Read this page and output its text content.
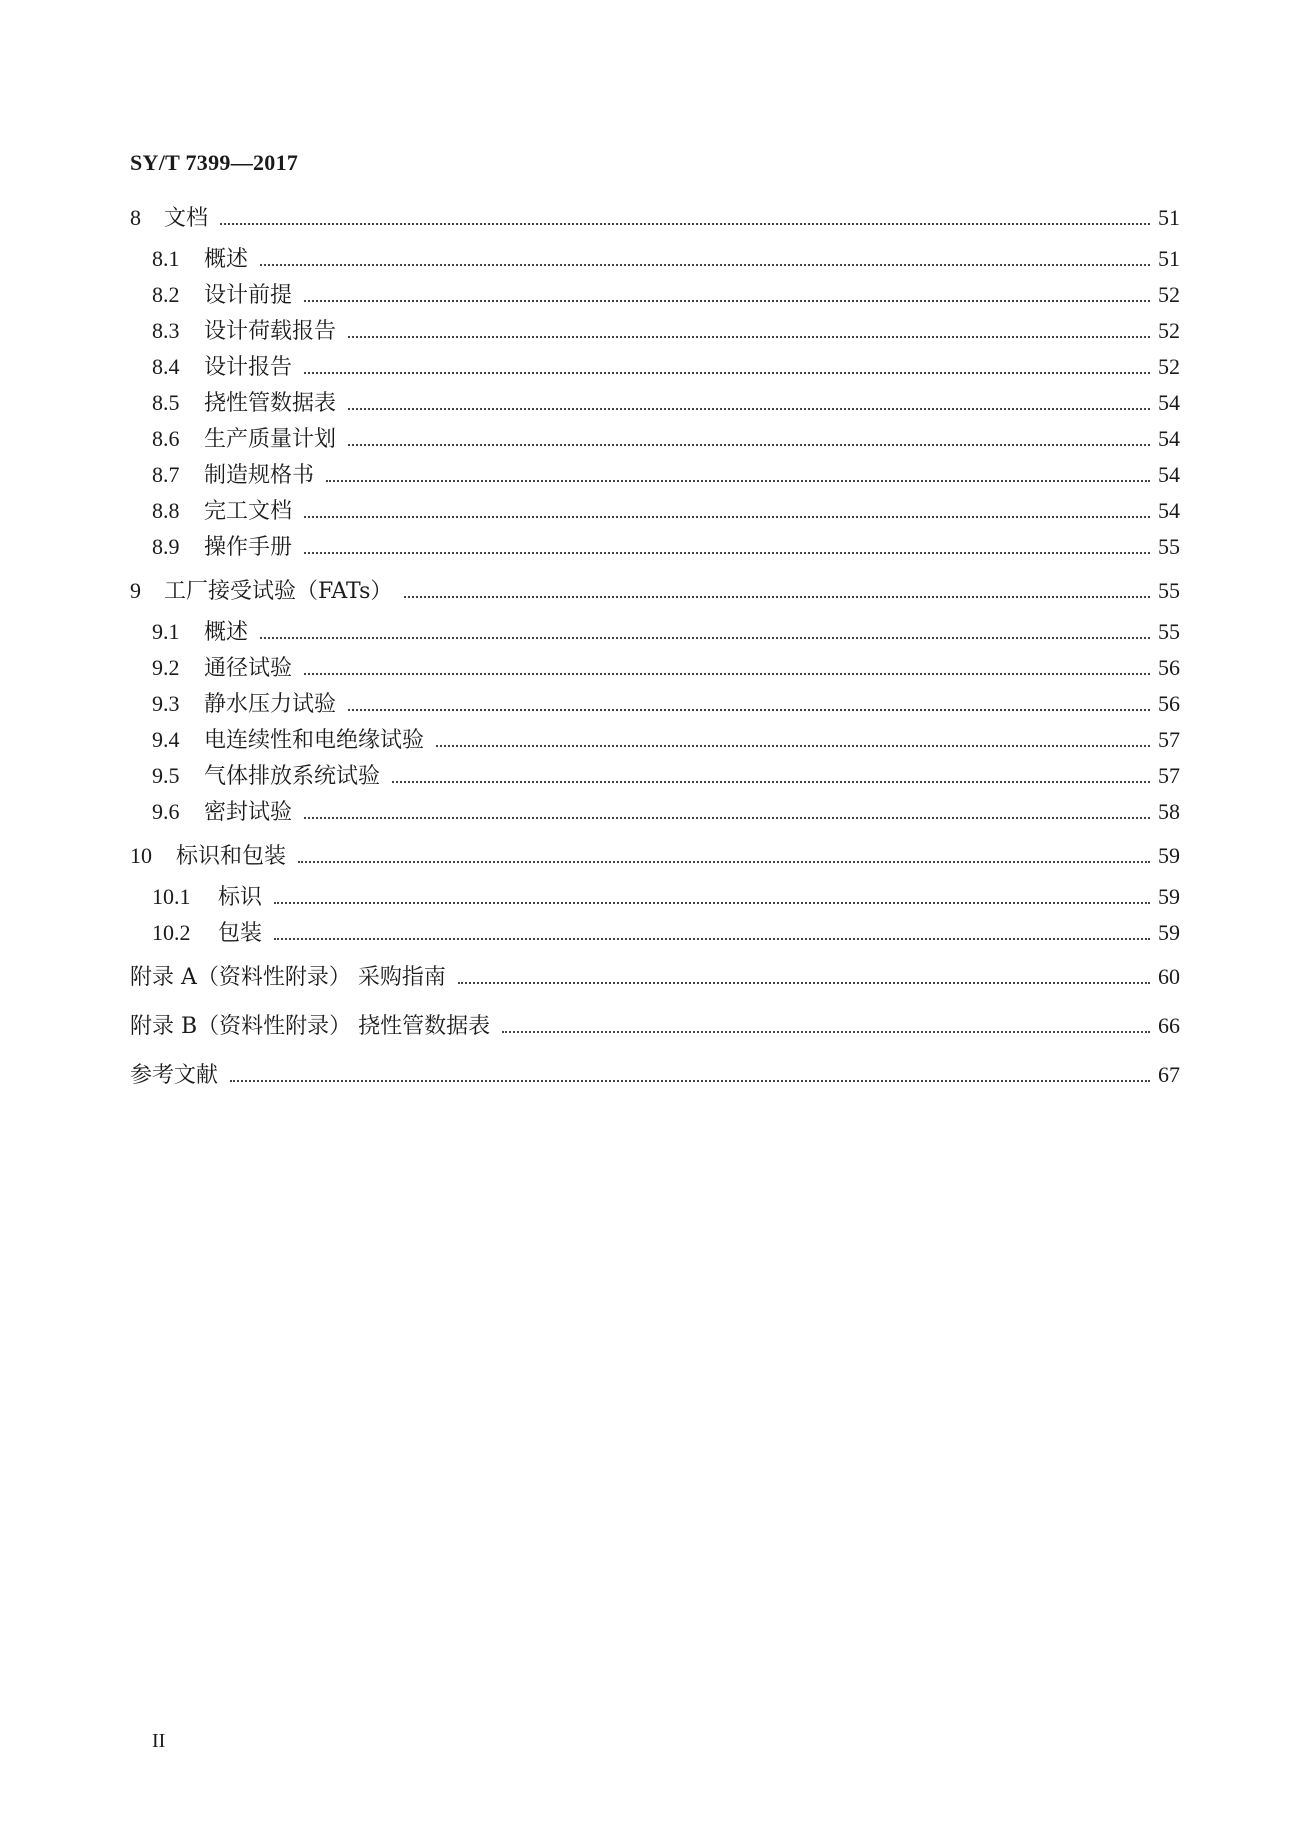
SY/T 7399—2017
8	文档	51
8.1	概述	51
8.2	设计前提	52
8.3	设计荷载报告	52
8.4	设计报告	52
8.5	挠性管数据表	54
8.6	生产质量计划	54
8.7	制造规格书	54
8.8	完工文档	54
8.9	操作手册	55
9	工厂接受试验（FATs）	55
9.1	概述	55
9.2	通径试验	56
9.3	静水压力试验	56
9.4	电连续性和电绝缘试验	57
9.5	气体排放系统试验	57
9.6	密封试验	58
10	标识和包装	59
10.1	标识	59
10.2	包装	59
附录 A（资料性附录） 采购指南	60
附录 B（资料性附录） 挠性管数据表	66
参考文献	67
II
